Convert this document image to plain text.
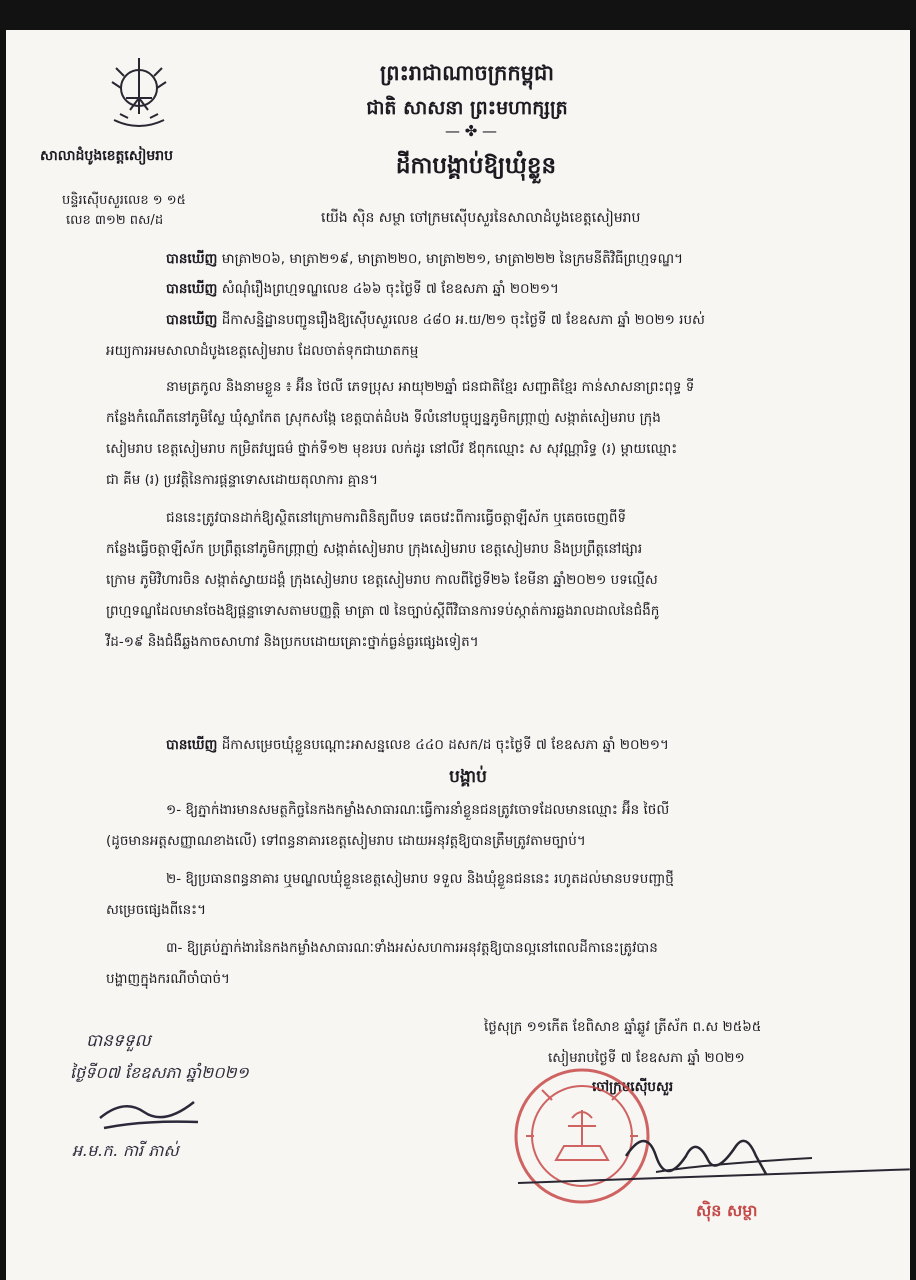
ព្រះរាជាណាចក្រកម្ពុជា
ជាតិ សាសនា ព្រះមហាក្សត្រ
— ✤ —
ដីកាបង្គាប់ឱ្យឃុំខ្លួន
សាលាដំបូងខេត្តសៀមរាប
បន្ទិរស៊ើបសួរលេខ ១ ១៥
លេខ ៣១២ ពស/ដ	យើង ស៊ិន សម្ថា ចៅក្រមស៊ើបសួរនៃសាលាដំបូងខេត្តសៀមរាប
បានឃើញ មាត្រា២០៦, មាត្រា២១៩, មាត្រា២២០, មាត្រា២២១, មាត្រា២២២ នៃក្រមនីតិវិធីព្រហ្មទណ្ឌ។
បានឃើញ សំណុំរឿងព្រហ្មទណ្ឌលេខ ៤៦៦ ចុះថ្ងៃទី ៧ ខែឧសភា ឆ្នាំ ២០២១។
បានឃើញ ដីកាសន្និដ្ឋានបញ្ជូនរឿងឱ្យស៊ើបសួរលេខ ៤៨០ អ.យ/២១ ចុះថ្ងៃទី ៧ ខែឧសភា ឆ្នាំ ២០២១ របស់
អយ្យការអមសាលាដំបូងខេត្តសៀមរាប ដែលចាត់ទុកជាឃាតកម្ម
នាមត្រកូល និងនាមខ្លួន ៖ អ៊ីន ថៃលី ភេទប្រុស អាយុ២២ឆ្នាំ ជនជាតិខ្មែរ សញ្ជាតិខ្មែរ កាន់សាសនាព្រះពុទ្ធ ទី
កន្លែងកំណើតនៅភូមិស្លែ ឃុំស្លាកែត ស្រុកសង្កែ ខេត្តបាត់ដំបង ទីលំនៅបច្ចុប្បន្នភូមិកញ្រ្កាញ់ សង្កាត់សៀមរាប ក្រុង
សៀមរាប ខេត្តសៀមរាប កម្រិតវប្បធម៌ ថ្នាក់ទី១២ មុខរបរ លក់ដូរ នៅលីវ ឪពុកឈ្មោះ ស សុវណ្ណារិទ្ធ (រ) ម្ដាយឈ្មោះ
ជា គីម (រ) ប្រវត្តិនៃការផ្ដន្ទាទោសដោយតុលាការ គ្មាន។
ជននេះត្រូវបានដាក់ឱ្យស្ថិតនៅក្រោមការពិនិត្យពីបទ គេចវេះពីការធ្វើចត្តាឡីស័ក ឬគេចចេញពីទី
កន្លែងធ្វើចត្តាឡីស័ក ប្រព្រឹត្តនៅភូមិកញ្រ្កាញ់ សង្កាត់សៀមរាប ក្រុងសៀមរាប ខេត្តសៀមរាប និងប្រព្រឹត្តនៅផ្សារ
ក្រោម ភូមិវិហារចិន សង្កាត់ស្វាយដង្គំ ក្រុងសៀមរាប ខេត្តសៀមរាប កាលពីថ្ងៃទី២៦ ខែមីនា ឆ្នាំ២០២១ បទល្មើស
ព្រហ្មទណ្ឌដែលមានចែងឱ្យផ្ដន្ទាទោសតាមបញ្ញត្តិ មាត្រា ៧ នៃច្បាប់ស្ដីពីវិធានការទប់ស្កាត់ការឆ្លងរាលដាលនៃជំងឺកូ
វីដ-១៩ និងជំងឺឆ្លងកាចសាហាវ និងប្រកបដោយគ្រោះថ្នាក់ធ្ងន់ធ្ងរផ្សេងទៀត។
បានឃើញ ដីកាសម្រេចឃុំខ្លួនបណ្ដោះអាសន្នលេខ ៤៤០ ដសក/ដ ចុះថ្ងៃទី ៧ ខែឧសភា ឆ្នាំ ២០២១។
បង្គាប់
១- ឱ្យភ្នាក់ងារមានសមត្ថកិច្ចនៃកងកម្លាំងសាធារណៈធ្វើការនាំខ្លួនជនត្រូវចោទដែលមានឈ្មោះ អ៊ីន ថៃលី
(ដូចមានអត្តសញ្ញាណខាងលើ) ទៅពន្ធនាគារខេត្តសៀមរាប ដោយអនុវត្តឱ្យបានត្រឹមត្រូវតាមច្បាប់។
២- ឱ្យប្រធានពន្ធនាគារ ឬមណ្ឌលឃុំខ្លួនខេត្តសៀមរាប ទទួល និងឃុំខ្លួនជននេះ រហូតដល់មានបទបញ្ជាថ្មី
សម្រេចផ្សេងពីនេះ។
៣- ឱ្យគ្រប់ភ្នាក់ងារនៃកងកម្លាំងសាធារណៈទាំងអស់សហការអនុវត្តឱ្យបានល្អនៅពេលដីកានេះត្រូវបាន
បង្ហាញក្នុងករណីចាំបាច់។
ថ្ងៃសុក្រ ១១កេីត ខែពិសាខ ឆ្នាំឆ្លូវ ត្រីស័ក ព.ស ២៥៦៥
សៀមរាបថ្ងៃទី ៧ ខែឧសភា ឆ្នាំ ២០២១
ចៅក្រមស៊ើបសួរ
ស៊ិន សម្ថា
បានទទួល
ថ្ងៃទី០៧ ខែឧសភា ឆ្នាំ២០២១
អ.ម.ក. ការី ភាស់
